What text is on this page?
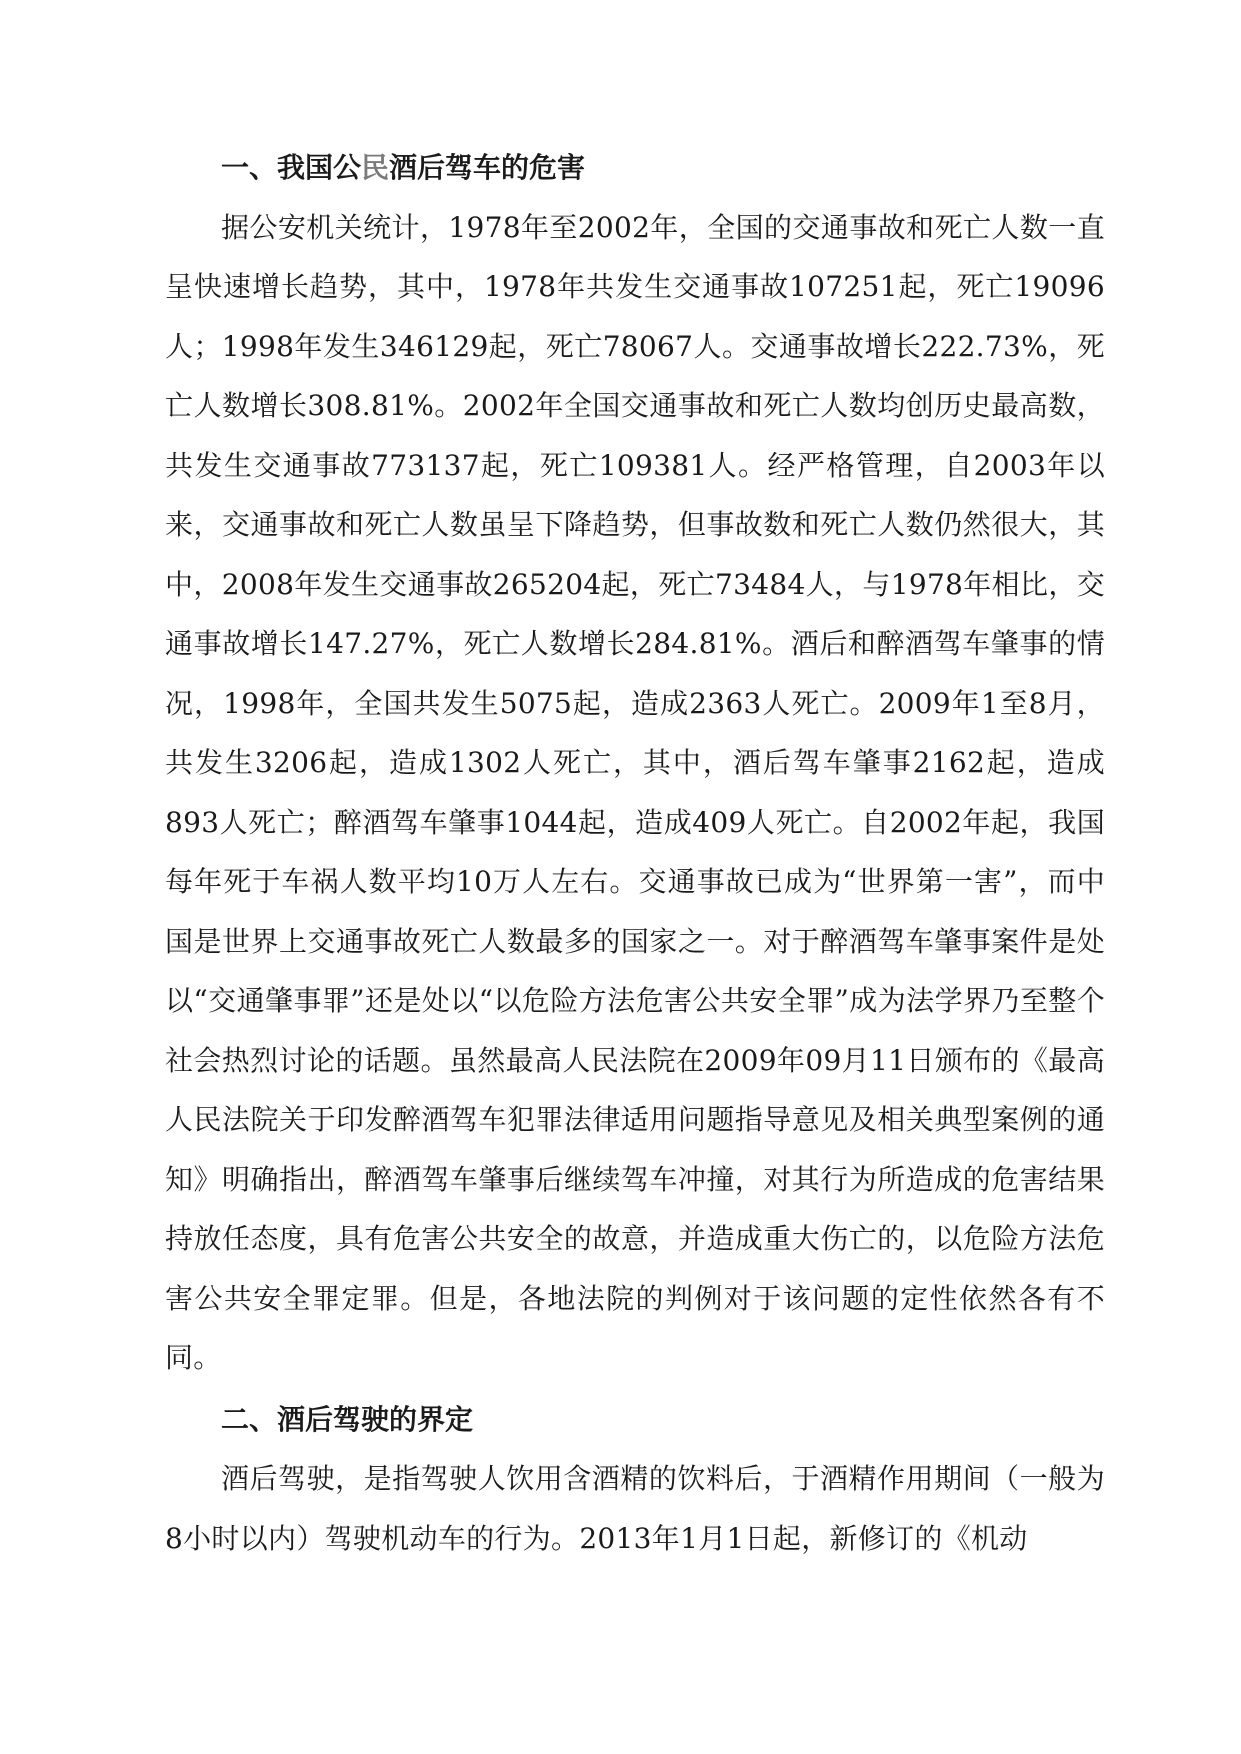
一、我国公民酒后驾车的危害

据公安机关统计，1978年至2002年，全国的交通事故和死亡人数一直呈快速增长趋势，其中，1978年共发生交通事故107251起，死亡19096人；1998年发生346129起，死亡78067人。交通事故增长222.73%，死亡人数增长308.81%。2002年全国交通事故和死亡人数均创历史最高数，共发生交通事故773137起，死亡109381人。经严格管理，自2003年以来，交通事故和死亡人数虽呈下降趋势，但事故数和死亡人数仍然很大，其中，2008年发生交通事故265204起，死亡73484人，与1978年相比，交通事故增长147.27%，死亡人数增长284.81%。酒后和醉酒驾车肇事的情况，1998年，全国共发生5075起，造成2363人死亡。2009年1至8月，共发生3206起，造成1302人死亡，其中，酒后驾车肇事2162起，造成893人死亡；醉酒驾车肇事1044起，造成409人死亡。自2002年起，我国每年死于车祸人数平均10万人左右。交通事故已成为“世界第一害”，而中国是世界上交通事故死亡人数最多的国家之一。对于醉酒驾车肇事案件是处以“交通肇事罪”还是处以“以危险方法危害公共安全罪”成为法学界乃至整个社会热烈讨论的话题。虽然最高人民法院在2009年09月11日颁布的《最高人民法院关于印发醉酒驾车犯罪法律适用问题指导意见及相关典型案例的通知》明确指出，醉酒驾车肇事后继续驾车冲撞，对其行为所造成的危害结果持放任态度，具有危害公共安全的故意，并造成重大伤亡的，以危险方法危害公共安全罪定罪。但是，各地法院的判例对于该问题的定性依然各有不同。

二、酒后驾驶的界定

酒后驾驶，是指驾驶人饮用含酒精的饮料后，于酒精作用期间（一般为8小时以内）驾驶机动车的行为。2013年1月1日起，新修订的《机动
